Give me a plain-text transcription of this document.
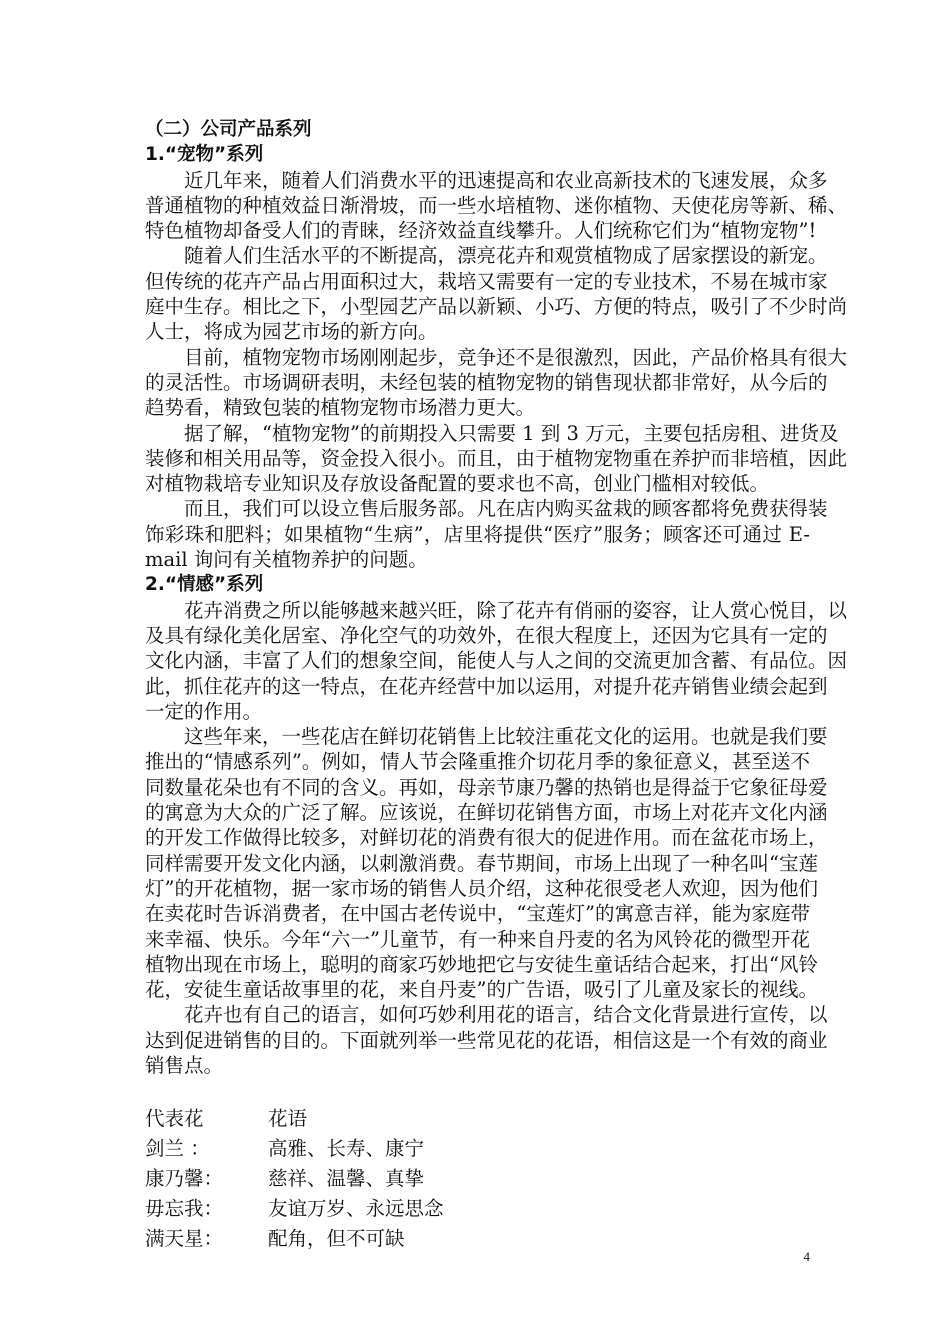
（二）公司产品系列
1.“宠物”系列
近几年来，随着人们消费水平的迅速提高和农业高新技术的飞速发展，众多
普通植物的种植效益日渐滑坡，而一些水培植物、迷你植物、天使花房等新、稀、
特色植物却备受人们的青睐，经济效益直线攀升。人们统称它们为“植物宠物”!
随着人们生活水平的不断提高，漂亮花卉和观赏植物成了居家摆设的新宠。
但传统的花卉产品占用面积过大，栽培又需要有一定的专业技术，不易在城市家
庭中生存。相比之下，小型园艺产品以新颖、小巧、方便的特点，吸引了不少时尚
人士，将成为园艺市场的新方向。
目前，植物宠物市场刚刚起步，竞争还不是很激烈，因此，产品价格具有很大
的灵活性。市场调研表明，未经包装的植物宠物的销售现状都非常好，从今后的
趋势看，精致包装的植物宠物市场潜力更大。
据了解，“植物宠物”的前期投入只需要 1 到 3 万元，主要包括房租、进货及
装修和相关用品等，资金投入很小。而且，由于植物宠物重在养护而非培植，因此
对植物栽培专业知识及存放设备配置的要求也不高，创业门槛相对较低。
而且，我们可以设立售后服务部。凡在店内购买盆栽的顾客都将免费获得装
饰彩珠和肥料；如果植物“生病”，店里将提供“医疗”服务；顾客还可通过 E-
mail 询问有关植物养护的问题。
2.“情感”系列
花卉消费之所以能够越来越兴旺，除了花卉有俏丽的姿容，让人赏心悦目，以
及具有绿化美化居室、净化空气的功效外，在很大程度上，还因为它具有一定的
文化内涵，丰富了人们的想象空间，能使人与人之间的交流更加含蓄、有品位。因
此，抓住花卉的这一特点，在花卉经营中加以运用，对提升花卉销售业绩会起到
一定的作用。
这些年来，一些花店在鲜切花销售上比较注重花文化的运用。也就是我们要
推出的“情感系列”。例如，情人节会隆重推介切花月季的象征意义，甚至送不
同数量花朵也有不同的含义。再如，母亲节康乃馨的热销也是得益于它象征母爱
的寓意为大众的广泛了解。应该说，在鲜切花销售方面，市场上对花卉文化内涵
的开发工作做得比较多，对鲜切花的消费有很大的促进作用。而在盆花市场上，
同样需要开发文化内涵，以刺激消费。春节期间，市场上出现了一种名叫“宝莲
灯”的开花植物，据一家市场的销售人员介绍，这种花很受老人欢迎，因为他们
在卖花时告诉消费者，在中国古老传说中，“宝莲灯”的寓意吉祥，能为家庭带
来幸福、快乐。今年“六一”儿童节，有一种来自丹麦的名为风铃花的微型开花
植物出现在市场上，聪明的商家巧妙地把它与安徒生童话结合起来，打出“风铃
花，安徒生童话故事里的花，来自丹麦”的广告语，吸引了儿童及家长的视线。
花卉也有自己的语言，如何巧妙利用花的语言，结合文化背景进行宣传，以
达到促进销售的目的。下面就列举一些常见花的花语，相信这是一个有效的商业
销售点。
代表花	花语
剑兰 ：	高雅、长寿、康宁
康乃馨：	慈祥、温馨、真挚
毋忘我：	友谊万岁、永远思念
满天星：	配角，但不可缺
4
